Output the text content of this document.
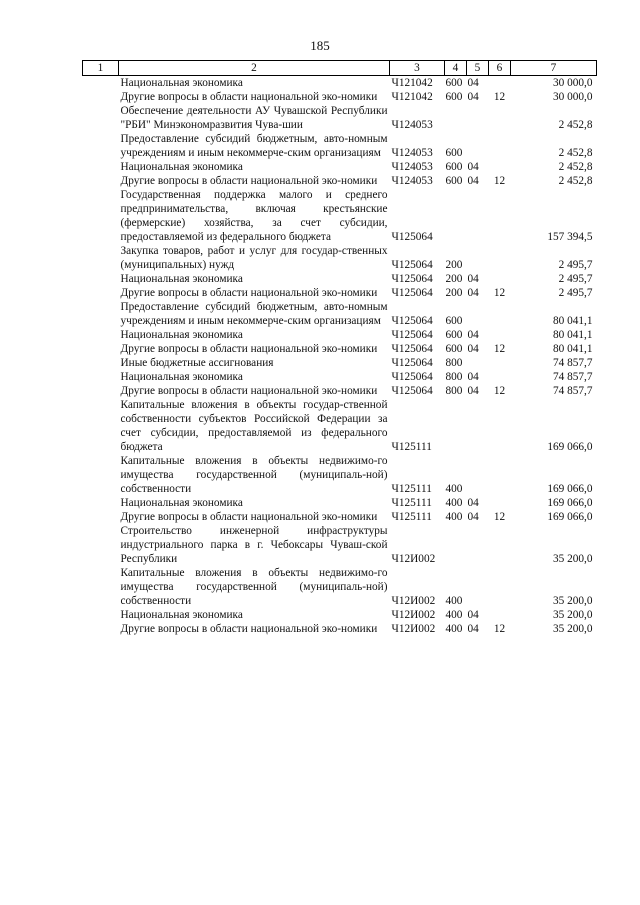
185
1	2	3	4	5	6	7
	Национальная экономика	Ч121042	600	04		30 000,0
	Другие вопросы в области национальной эко-номики	Ч121042	600	04	12	30 000,0
	Обеспечение деятельности АУ Чувашской Республики "РБИ" Минэкономразвития Чува-шии	Ч124053				2 452,8
	Предоставление субсидий бюджетным, авто-номным учреждениям и иным некоммерче-ским организациям	Ч124053	600			2 452,8
	Национальная экономика	Ч124053	600	04		2 452,8
	Другие вопросы в области национальной эко-номики	Ч124053	600	04	12	2 452,8
	Государственная поддержка малого и среднего предпринимательства, включая крестьянские (фермерские) хозяйства, за счет субсидии, предоставляемой из федерального бюджета	Ч125064				157 394,5
	Закупка товаров, работ и услуг для государ-ственных (муниципальных) нужд	Ч125064	200			2 495,7
	Национальная экономика	Ч125064	200	04		2 495,7
	Другие вопросы в области национальной эко-номики	Ч125064	200	04	12	2 495,7
	Предоставление субсидий бюджетным, авто-номным учреждениям и иным некоммерче-ским организациям	Ч125064	600			80 041,1
	Национальная экономика	Ч125064	600	04		80 041,1
	Другие вопросы в области национальной эко-номики	Ч125064	600	04	12	80 041,1
	Иные бюджетные ассигнования	Ч125064	800			74 857,7
	Национальная экономика	Ч125064	800	04		74 857,7
	Другие вопросы в области национальной эко-номики	Ч125064	800	04	12	74 857,7
	Капитальные вложения в объекты государ-ственной собственности субъектов Российской Федерации за счет субсидии, предоставляемой из федерального бюджета	Ч125111				169 066,0
	Капитальные вложения в объекты недвижимо-го имущества государственной (муниципаль-ной) собственности	Ч125111	400			169 066,0
	Национальная экономика	Ч125111	400	04		169 066,0
	Другие вопросы в области национальной эко-номики	Ч125111	400	04	12	169 066,0
	Строительство инженерной инфраструктуры индустриального парка в г. Чебоксары Чуваш-ской Республики	Ч12И002				35 200,0
	Капитальные вложения в объекты недвижимо-го имущества государственной (муниципаль-ной) собственности	Ч12И002	400			35 200,0
	Национальная экономика	Ч12И002	400	04		35 200,0
	Другие вопросы в области национальной эко-номики	Ч12И002	400	04	12	35 200,0
